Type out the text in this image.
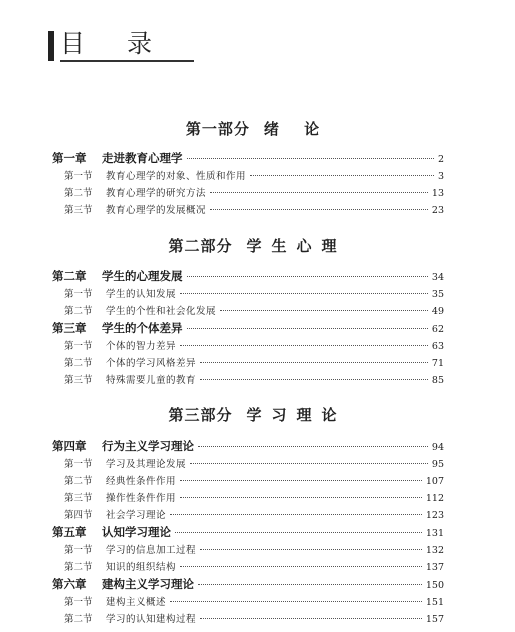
目录
第一部分 绪 论
第一章	走进教育心理学	2
第一节	教育心理学的对象、性质和作用	3
第二节	教育心理学的研究方法	13
第三节	教育心理学的发展概况	23
第二部分 学生心理
第二章	学生的心理发展	34
第一节	学生的认知发展	35
第二节	学生的个性和社会化发展	49
第三章	学生的个体差异	62
第一节	个体的智力差异	63
第二节	个体的学习风格差异	71
第三节	特殊需要儿童的教育	85
第三部分 学习理论
第四章	行为主义学习理论	94
第一节	学习及其理论发展	95
第二节	经典性条件作用	107
第三节	操作性条件作用	112
第四节	社会学习理论	123
第五章	认知学习理论	131
第一节	学习的信息加工过程	132
第二节	知识的组织结构	137
第六章	建构主义学习理论	150
第一节	建构主义概述	151
第二节	学习的认知建构过程	157
